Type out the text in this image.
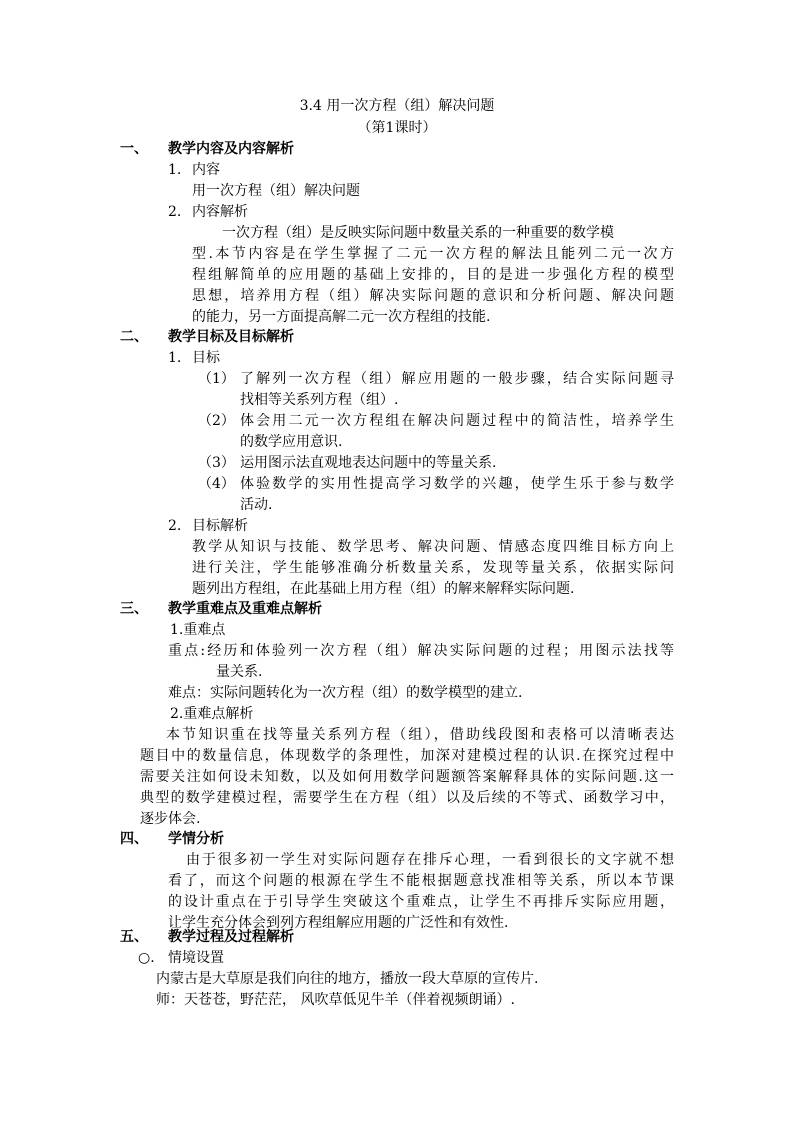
3.4 用一次方程（组）解决问题
（第1课时）
一、 教学内容及内容解析
1. 内容
用一次方程（组）解决问题
2. 内容解析
一次方程（组）是反映实际问题中数量关系的一种重要的数学模
型.本节内容是在学生掌握了二元一次方程的解法且能列二元一次方
程组解简单的应用题的基础上安排的，目的是进一步强化方程的模型
思想，培养用方程（组）解决实际问题的意识和分析问题、解决问题
的能力，另一方面提高解二元一次方程组的技能.
二、 教学目标及目标解析
1. 目标
（1） 了解列一次方程（组）解应用题的一般步骤，结合实际问题寻
找相等关系列方程（组）.
（2） 体会用二元一次方程组在解决问题过程中的简洁性，培养学生
的数学应用意识.
（3） 运用图示法直观地表达问题中的等量关系.
（4） 体验数学的实用性提高学习数学的兴趣，使学生乐于参与数学
活动.
2. 目标解析
教学从知识与技能、数学思考、解决问题、情感态度四维目标方向上
进行关注，学生能够准确分析数量关系，发现等量关系，依据实际问
题列出方程组，在此基础上用方程（组）的解来解释实际问题.
三、 教学重难点及重难点解析
1.重难点
重点:经历和体验列一次方程（组）解决实际问题的过程；用图示法找等
量关系.
难点：实际问题转化为一次方程（组）的数学模型的建立.
2.重难点解析
本节知识重在找等量关系列方程（组），借助线段图和表格可以清晰表达
题目中的数量信息，体现数学的条理性，加深对建模过程的认识.在探究过程中
需要关注如何设未知数，以及如何用数学问题额答案解释具体的实际问题.这一
典型的数学建模过程，需要学生在方程（组）以及后续的不等式、函数学习中，
逐步体会.
四、 学情分析
由于很多初一学生对实际问题存在排斥心理，一看到很长的文字就不想
看了，而这个问题的根源在学生不能根据题意找准相等关系，所以本节课
的设计重点在于引导学生突破这个重难点，让学生不再排斥实际应用题，
让学生充分体会到列方程组解应用题的广泛性和有效性.
五、 教学过程及过程解析
○. 情境设置
内蒙古是大草原是我们向往的地方，播放一段大草原的宣传片.
师：天苍苍，野茫茫， 风吹草低见牛羊（伴着视频朗诵）.
